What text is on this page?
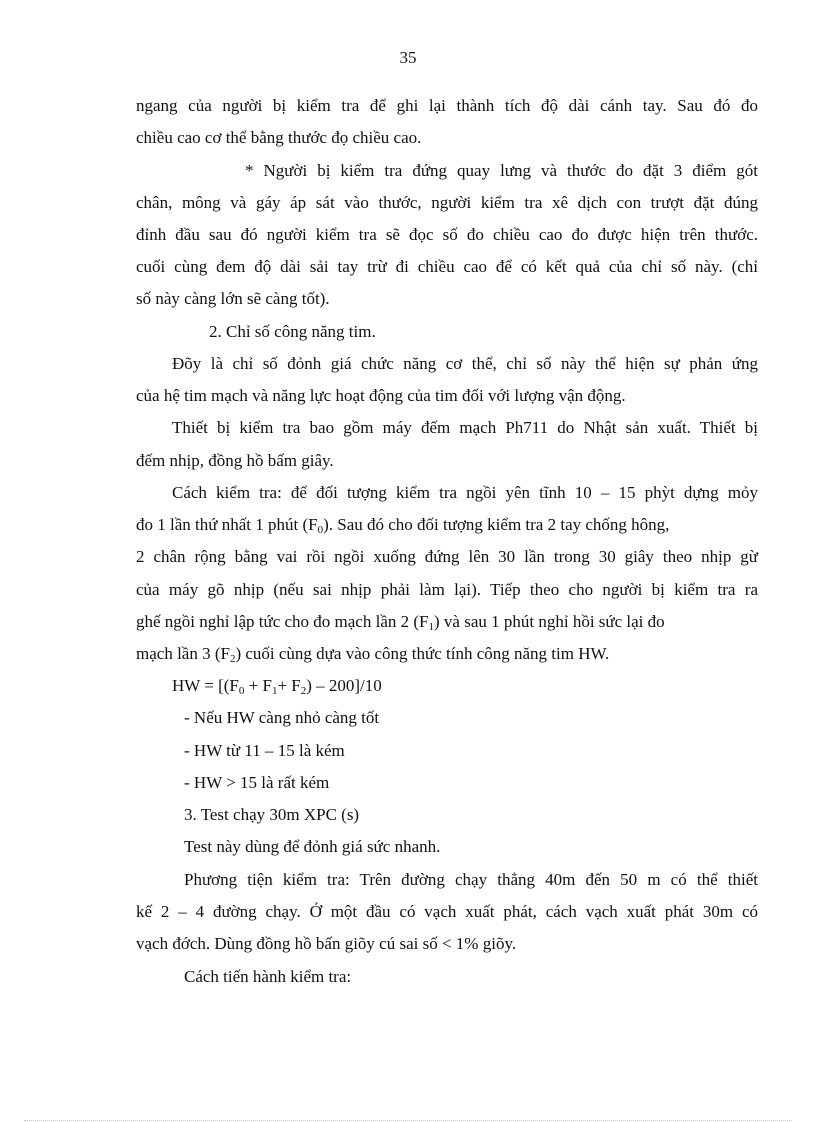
35
ngang của người bị kiểm tra để ghi lại thành tích độ dài cánh tay. Sau đó đo
chiều cao cơ thể bằng thước đọ chiều cao.
* Người bị kiểm tra đứng quay lưng và thước đo đặt 3 điểm gót
chân, mông và gáy áp sát vào thước, người kiểm tra xê dịch con trượt đặt đúng
đỉnh đầu sau đó người kiểm tra sẽ đọc số đo chiều cao đo được hiện trên thước.
cuối cùng đem độ dài sải tay trừ đi chiều cao để có kết quả của chỉ số này. (chỉ
số này càng lớn sẽ càng tốt).
2. Chỉ số công năng tim.
Đõy là chỉ số đỏnh giá chức năng cơ thể, chỉ số này thể hiện sự phản ứng
của hệ tim mạch và năng lực hoạt động của tim đối với lượng vận động.
Thiết bị kiểm tra bao gồm máy đếm mạch Ph711 do Nhật sản xuất. Thiết bị
đếm nhịp, đồng hồ bấm giây.
Cách kiểm tra: để đối tượng kiểm tra ngồi yên tĩnh 10 – 15 phỳt dựng mỏy
đo 1 lần thứ nhất 1 phút $(F_0)$. Sau đó cho đối tượng kiểm tra 2 tay chống hông,
2 chân rộng bằng vai rồi ngồi xuống đứng lên 30 lần trong 30 giây theo nhịp gừ
của máy gõ nhịp (nếu sai nhịp phải làm lại). Tiếp theo cho người bị kiểm tra ra
ghế ngồi nghỉ lập tức cho đo mạch lần 2 $(F_1)$ và sau 1 phút nghỉ hồi sức lại đo
mạch lần 3 $(F_2)$ cuối cùng dựa vào công thức tính công năng tim HW.
HW = $[(F_0 + F_1+ F_2) - 200]/10$
- Nếu HW càng nhỏ càng tốt
- HW từ 11 – 15 là kém
- HW > 15 là rất kém
3. Test chạy 30m XPC (s)
Test này dùng để đỏnh giá sức nhanh.
Phương tiện kiểm tra: Trên đường chạy thẳng 40m đến 50 m có thể thiết
kế 2 – 4 đường chạy. Ở một đầu có vạch xuất phát, cách vạch xuất phát 30m có
vạch đớch. Dùng đồng hồ bấn giõy cú sai số < 1% giõy.
Cách tiến hành kiểm tra:
